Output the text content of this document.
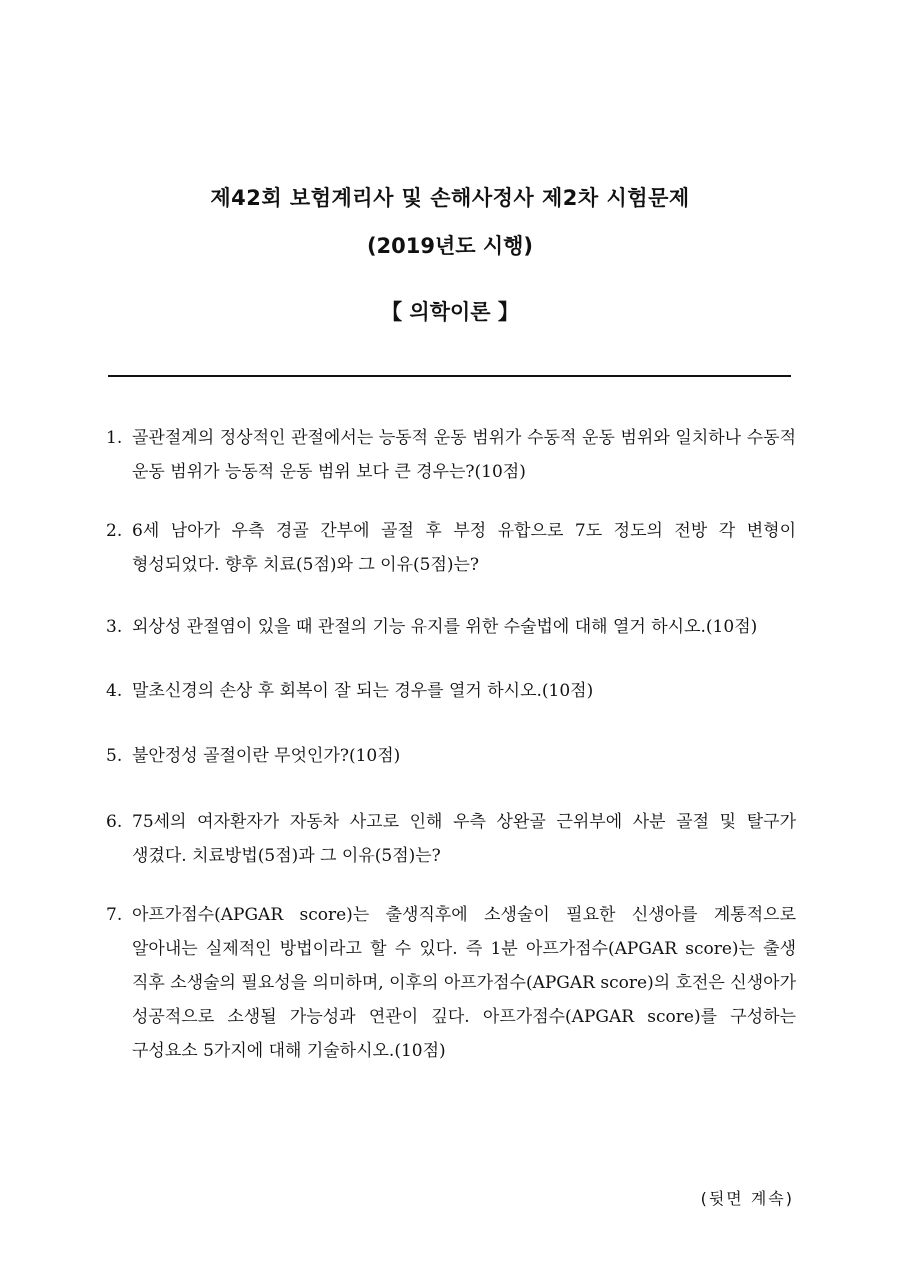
제42회 보험계리사 및 손해사정사 제2차 시험문제
(2019년도 시행)
【 의학이론 】
1. 골관절계의 정상적인 관절에서는 능동적 운동 범위가 수동적 운동 범위와 일치하나 수동적 운동 범위가 능동적 운동 범위 보다 큰 경우는?(10점)
2. 6세 남아가 우측 경골 간부에 골절 후 부정 유합으로 7도 정도의 전방 각 변형이 형성되었다. 향후 치료(5점)와 그 이유(5점)는?
3. 외상성 관절염이 있을 때 관절의 기능 유지를 위한 수술법에 대해 열거 하시오.(10점)
4. 말초신경의 손상 후 회복이 잘 되는 경우를 열거 하시오.(10점)
5. 불안정성 골절이란 무엇인가?(10점)
6. 75세의 여자환자가 자동차 사고로 인해 우측 상완골 근위부에 사분 골절 및 탈구가 생겼다. 치료방법(5점)과 그 이유(5점)는?
7. 아프가점수(APGAR score)는 출생직후에 소생술이 필요한 신생아를 계통적으로 알아내는 실제적인 방법이라고 할 수 있다. 즉 1분 아프가점수(APGAR score)는 출생 직후 소생술의 필요성을 의미하며, 이후의 아프가점수(APGAR score)의 호전은 신생아가 성공적으로 소생될 가능성과 연관이 깊다. 아프가점수(APGAR score)를 구성하는 구성요소 5가지에 대해 기술하시오.(10점)
(뒷면 계속)
